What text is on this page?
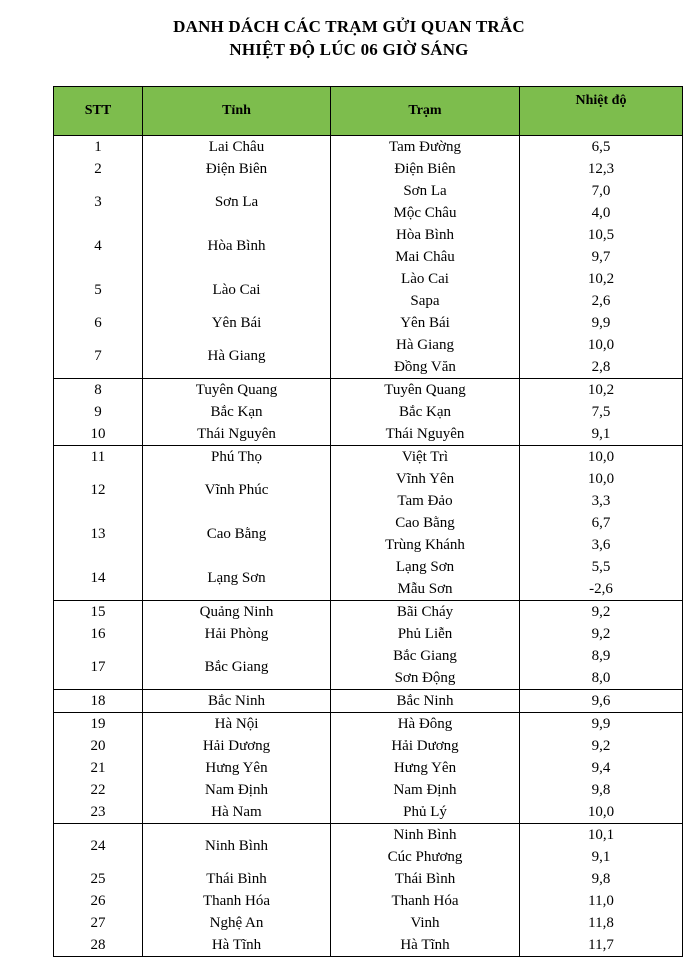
DANH DÁCH CÁC TRẠM GỬI QUAN TRẮC
NHIỆT ĐỘ LÚC 06 GIỜ SÁNG
STT	Tỉnh	Trạm	Nhiệt độ
1	Lai Châu	Tam Đường	6,5
2	Điện Biên	Điện Biên	12,3
3	Sơn La	Sơn La	7,0
		Mộc Châu	4,0
4	Hòa Bình	Hòa Bình	10,5
		Mai Châu	9,7
5	Lào Cai	Lào Cai	10,2
		Sapa	2,6
6	Yên Bái	Yên Bái	9,9
7	Hà Giang	Hà Giang	10,0
		Đồng Văn	2,8
8	Tuyên Quang	Tuyên Quang	10,2
9	Bắc Kạn	Bắc Kạn	7,5
10	Thái Nguyên	Thái Nguyên	9,1
11	Phú Thọ	Việt Trì	10,0
12	Vĩnh Phúc	Vĩnh Yên	10,0
		Tam Đảo	3,3
13	Cao Bằng	Cao Bằng	6,7
		Trùng Khánh	3,6
14	Lạng Sơn	Lạng Sơn	5,5
		Mẫu Sơn	-2,6
15	Quảng Ninh	Bãi Cháy	9,2
16	Hải Phòng	Phủ Liễn	9,2
17	Bắc Giang	Bắc Giang	8,9
		Sơn Động	8,0
18	Bắc Ninh	Bắc Ninh	9,6
19	Hà Nội	Hà Đông	9,9
20	Hải Dương	Hải Dương	9,2
21	Hưng Yên	Hưng Yên	9,4
22	Nam Định	Nam Định	9,8
23	Hà Nam	Phủ Lý	10,0
24	Ninh Bình	Ninh Bình	10,1
		Cúc Phương	9,1
25	Thái Bình	Thái Bình	9,8
26	Thanh Hóa	Thanh Hóa	11,0
27	Nghệ An	Vinh	11,8
28	Hà Tĩnh	Hà Tĩnh	11,7
